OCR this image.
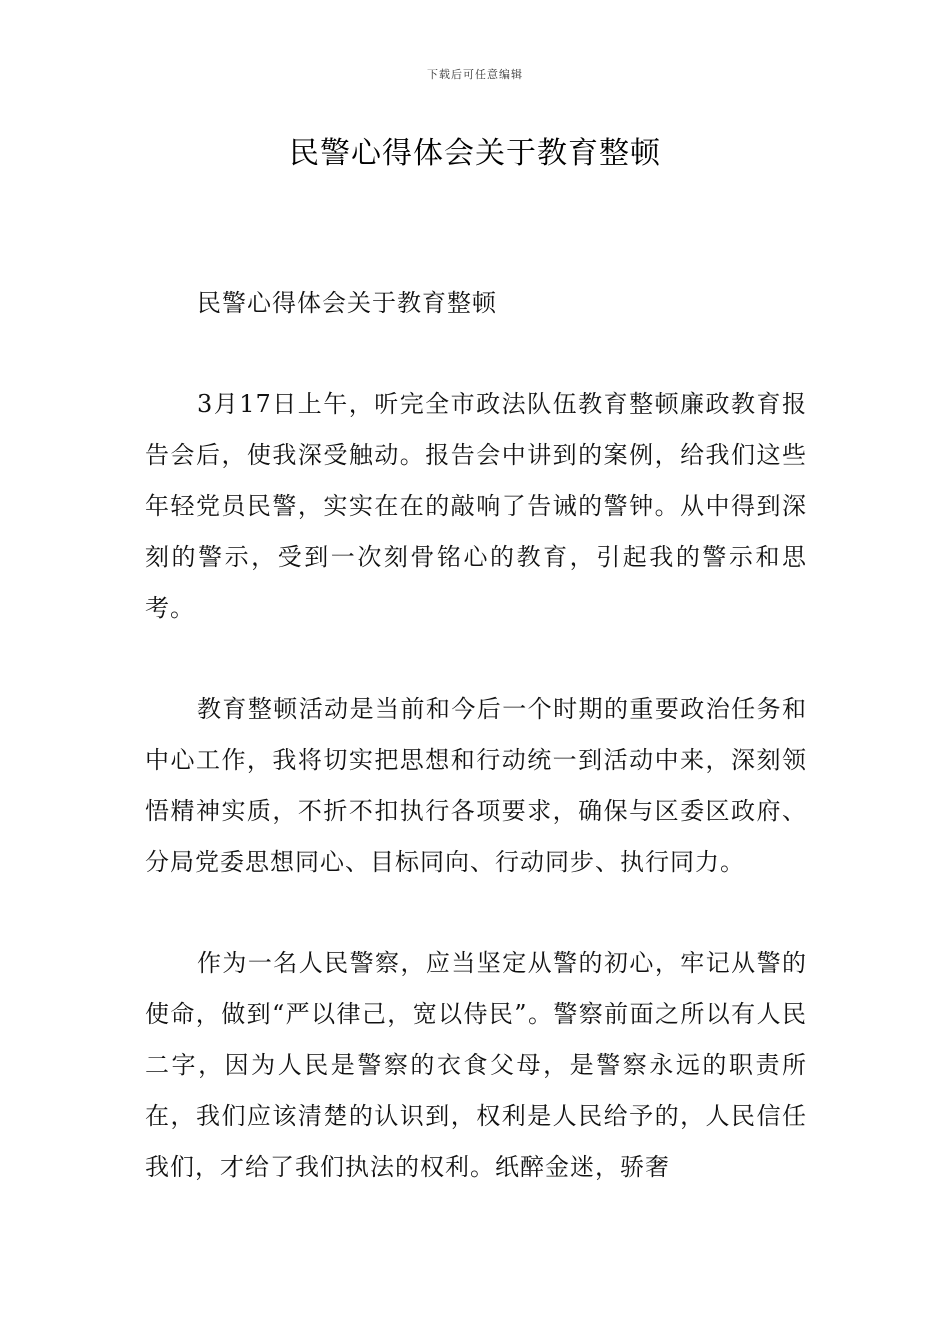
下载后可任意编辑
民警心得体会关于教育整顿

民警心得体会关于教育整顿

3月17日上午，听完全市政法队伍教育整顿廉政教育报告会后，使我深受触动。报告会中讲到的案例，给我们这些年轻党员民警，实实在在的敲响了告诫的警钟。从中得到深刻的警示，受到一次刻骨铭心的教育，引起我的警示和思考。

教育整顿活动是当前和今后一个时期的重要政治任务和中心工作，我将切实把思想和行动统一到活动中来，深刻领悟精神实质，不折不扣执行各项要求，确保与区委区政府、分局党委思想同心、目标同向、行动同步、执行同力。

作为一名人民警察，应当坚定从警的初心，牢记从警的使命，做到“严以律己，宽以侍民”。警察前面之所以有人民二字，因为人民是警察的衣食父母，是警察永远的职责所在，我们应该清楚的认识到，权利是人民给予的，人民信任我们，才给了我们执法的权利。纸醉金迷，骄奢
